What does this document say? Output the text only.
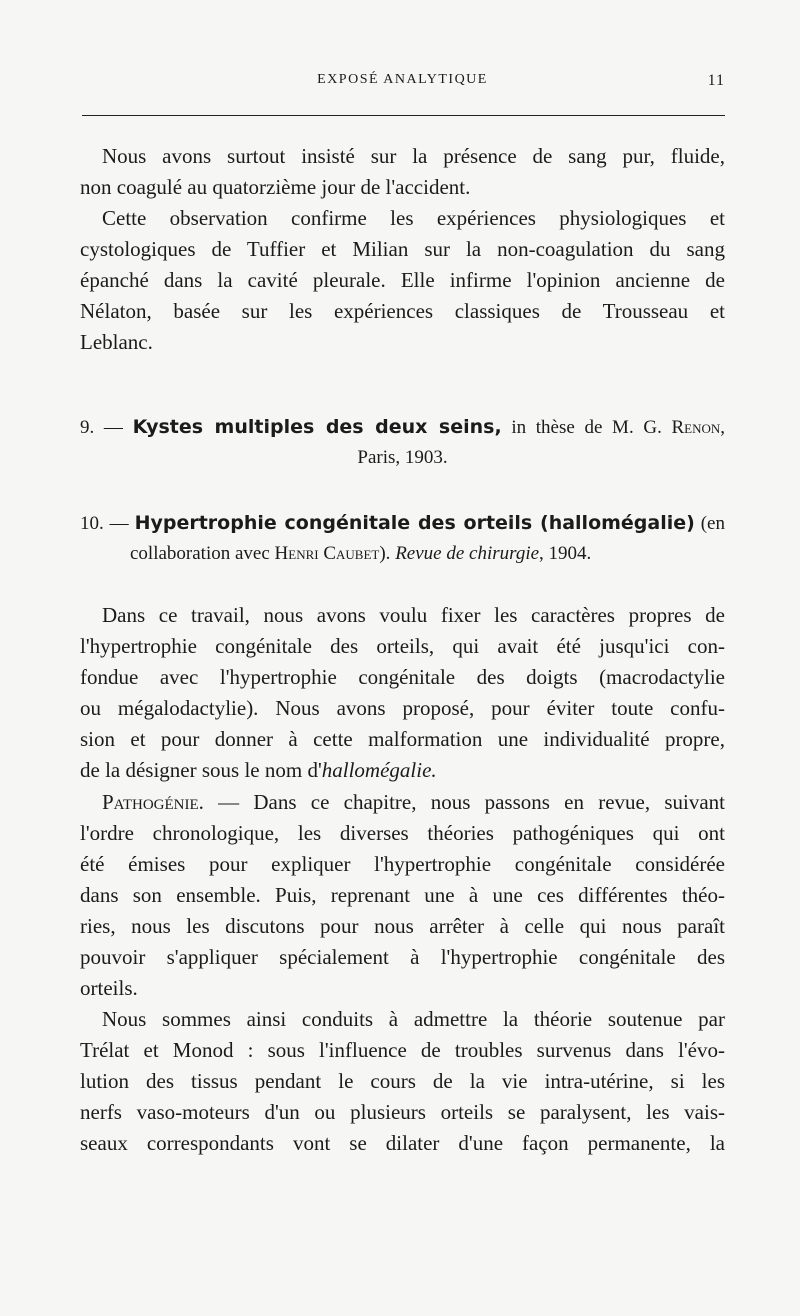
EXPOSÉ ANALYTIQUE	11
Nous avons surtout insisté sur la présence de sang pur, fluide,
non coagulé au quatorzième jour de l'accident.
Cette observation confirme les expériences physiologiques et
cystologiques de Tuffier et Milian sur la non-coagulation du sang
épanché dans la cavité pleurale. Elle infirme l'opinion ancienne de
Nélaton, basée sur les expériences classiques de Trousseau et
Leblanc.
9. — Kystes multiples des deux seins, in thèse de M. G. Renon,
Paris, 1903.
10. — Hypertrophie congénitale des orteils (hallomégalie) (en
collaboration avec Henri Caubet). Revue de chirurgie, 1904.
Dans ce travail, nous avons voulu fixer les caractères propres de
l'hypertrophie congénitale des orteils, qui avait été jusqu'ici con-
fondue avec l'hypertrophie congénitale des doigts (macrodactylie
ou mégalodactylie). Nous avons proposé, pour éviter toute confu-
sion et pour donner à cette malformation une individualité propre,
de la désigner sous le nom d'hallomégalie.
Pathogénie. — Dans ce chapitre, nous passons en revue, suivant
l'ordre chronologique, les diverses théories pathogéniques qui ont
été émises pour expliquer l'hypertrophie congénitale considérée
dans son ensemble. Puis, reprenant une à une ces différentes théo-
ries, nous les discutons pour nous arrêter à celle qui nous paraît
pouvoir s'appliquer spécialement à l'hypertrophie congénitale des
orteils.
Nous sommes ainsi conduits à admettre la théorie soutenue par
Trélat et Monod : sous l'influence de troubles survenus dans l'évo-
lution des tissus pendant le cours de la vie intra-utérine, si les
nerfs vaso-moteurs d'un ou plusieurs orteils se paralysent, les vais-
seaux correspondants vont se dilater d'une façon permanente, la
